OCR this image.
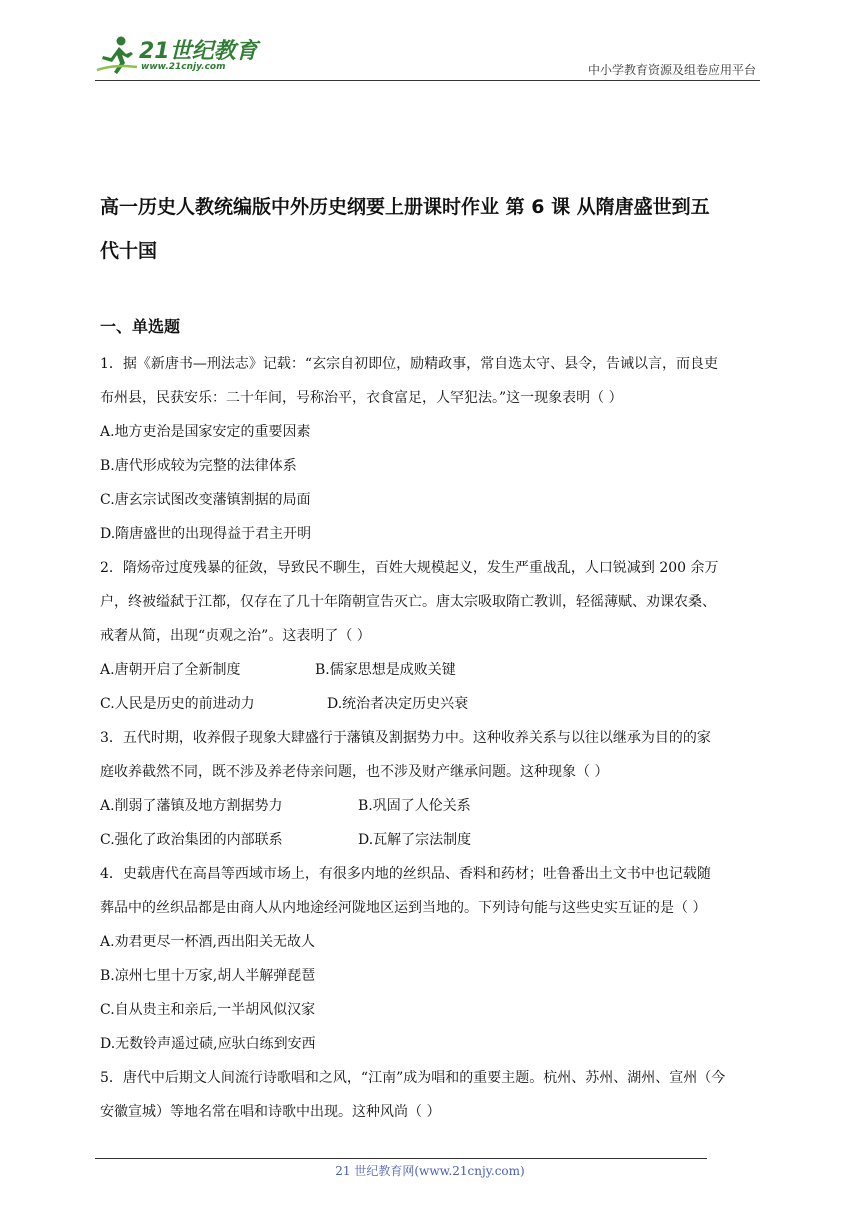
21世纪教育
www.21cnjy.com	中小学教育资源及组卷应用平台
高一历史人教统编版中外历史纲要上册课时作业 第 6 课 从隋唐盛世到五
代十国
一、单选题
1．据《新唐书—刑法志》记载：“玄宗自初即位，励精政事，常自选太守、县令，告诫以言，而良吏
布州县，民获安乐：二十年间，号称治平，衣食富足，人罕犯法。”这一现象表明（ ）
A.地方吏治是国家安定的重要因素
B.唐代形成较为完整的法律体系
C.唐玄宗试图改变藩镇割据的局面
D.隋唐盛世的出现得益于君主开明
2．隋炀帝过度残暴的征敛，导致民不聊生，百姓大规模起义，发生严重战乱，人口锐减到 200 余万
户，终被缢弑于江都，仅存在了几十年隋朝宣告灭亡。唐太宗吸取隋亡教训，轻徭薄赋、劝课农桑、
戒奢从简，出现“贞观之治”。这表明了（ ）
A.唐朝开启了全新制度	B.儒家思想是成败关键
C.人民是历史的前进动力	D.统治者决定历史兴衰
3．五代时期，收养假子现象大肆盛行于藩镇及割据势力中。这种收养关系与以往以继承为目的的家
庭收养截然不同，既不涉及养老侍亲问题，也不涉及财产继承问题。这种现象（ ）
A.削弱了藩镇及地方割据势力	B.巩固了人伦关系
C.强化了政治集团的内部联系	D.瓦解了宗法制度
4．史载唐代在高昌等西域市场上，有很多内地的丝织品、香料和药材；吐鲁番出土文书中也记载随
葬品中的丝织品都是由商人从内地途经河陇地区运到当地的。下列诗句能与这些史实互证的是（ ）
A.劝君更尽一杯酒,西出阳关无故人
B.凉州七里十万家,胡人半解弹琵琶
C.自从贵主和亲后,一半胡风似汉家
D.无数铃声遥过碛,应驮白练到安西
5．唐代中后期文人间流行诗歌唱和之风，“江南”成为唱和的重要主题。杭州、苏州、湖州、宣州（今
安徽宣城）等地名常在唱和诗歌中出现。这种风尚（ ）
21 世纪教育网(www.21cnjy.com)
